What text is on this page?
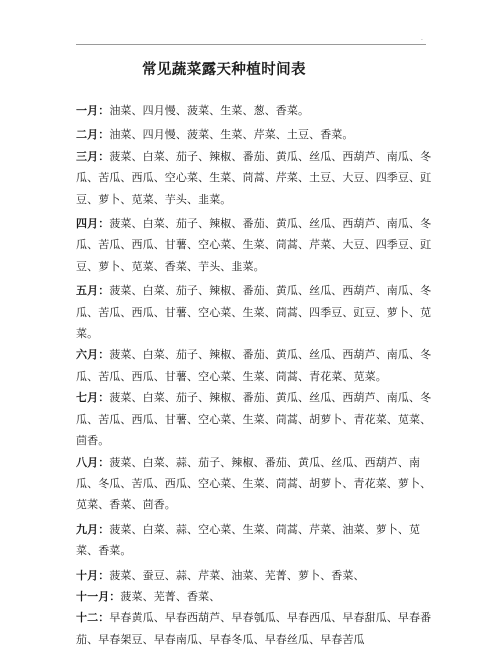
·
常见蔬菜露天种植时间表
一月：油菜、四月慢、菠菜、生菜、葱、香菜。
二月：油菜、四月慢、菠菜、生菜、芹菜、土豆、香菜。
三月：菠菜、白菜、茄子、辣椒、番茄、黄瓜、丝瓜、西葫芦、南瓜、冬瓜、苦瓜、西瓜、空心菜、生菜、茼蒿、芹菜、土豆、大豆、四季豆、豇豆、萝卜、苋菜、芋头、韭菜。
四月：菠菜、白菜、茄子、辣椒、番茄、黄瓜、丝瓜、西葫芦、南瓜、冬瓜、苦瓜、西瓜、甘薯、空心菜、生菜、茼蒿、芹菜、大豆、四季豆、豇豆、萝卜、苋菜、香菜、芋头、韭菜。
五月：菠菜、白菜、茄子、辣椒、番茄、黄瓜、丝瓜、西葫芦、南瓜、冬瓜、苦瓜、西瓜、甘薯、空心菜、生菜、茼蒿、四季豆、豇豆、萝卜、苋菜。
六月：菠菜、白菜、茄子、辣椒、番茄、黄瓜、丝瓜、西葫芦、南瓜、冬瓜、苦瓜、西瓜、甘薯、空心菜、生菜、茼蒿、青花菜、苋菜。
七月：菠菜、白菜、茄子、辣椒、番茄、黄瓜、丝瓜、西葫芦、南瓜、冬瓜、苦瓜、西瓜、甘薯、空心菜、生菜、茼蒿、胡萝卜、青花菜、苋菜、茴香。
八月：菠菜、白菜、蒜、茄子、辣椒、番茄、黄瓜、丝瓜、西葫芦、南瓜、冬瓜、苦瓜、西瓜、空心菜、生菜、茼蒿、胡萝卜、青花菜、萝卜、苋菜、香菜、茴香。
九月：菠菜、白菜、蒜、空心菜、生菜、茼蒿、芹菜、油菜、萝卜、苋菜、香菜。
十月：菠菜、蚕豆、蒜、芹菜、油菜、芜菁、萝卜、香菜、
十一月：菠菜、芜菁、香菜、
十二：早春黄瓜、早春西葫芦、早春瓠瓜、早春西瓜、早春甜瓜、早春番茄、早春架豆、早春南瓜、早春冬瓜、早春丝瓜、早春苦瓜
